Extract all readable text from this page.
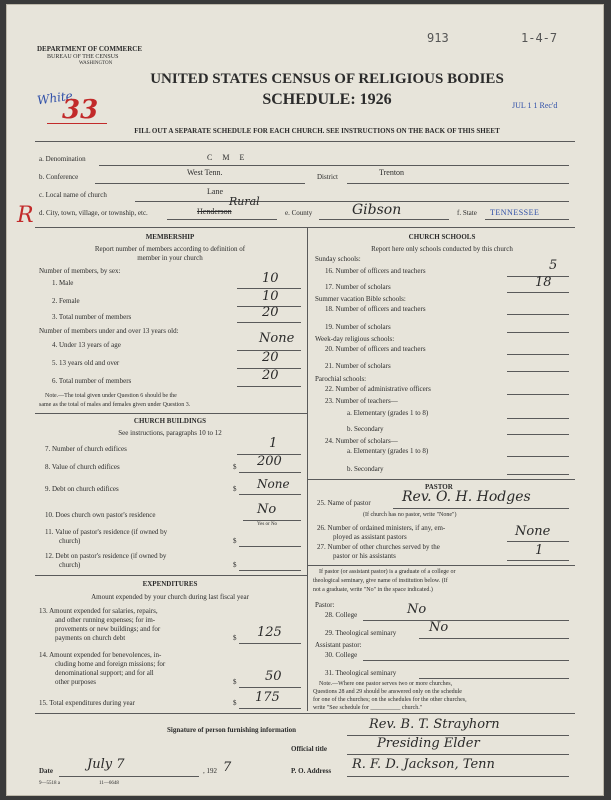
DEPARTMENT OF COMMERCE
BUREAU OF THE CENSUS
WASHINGTON
913	1-4-7
UNITED STATES CENSUS OF RELIGIOUS BODIES
SCHEDULE: 1926
White
33	JUL 1 1 Rec'd
FILL OUT A SEPARATE SCHEDULE FOR EACH CHURCH. SEE INSTRUCTIONS ON THE BACK OF THIS SHEET
a. Denomination	C M E
b. Conference	West Tenn.	District	Trenton
c. Local name of church	Lane
R d. City, town, village, or township, etc.	Henderson
Rural
e. County	Gibson	f. State TENNESSEE
MEMBERSHIP
Report number of members according to definition of
member in your church
Number of members, by sex:
1. Male	10
2. Female	10
3. Total number of members	20
Number of members under and over 13 years old:
4. Under 13 years of age	None
5. 13 years old and over	20
6. Total number of members	20
Note.—The total given under Question 6 should be the
same as the total of males and females given under Question 3.
CHURCH BUILDINGS
See instructions, paragraphs 10 to 12
7. Number of church edifices	1
8. Value of church edifices	$ 200
9. Debt on church edifices	$ None
10. Does church own pastor's residence	No
Yes or No
11. Value of pastor's residence (if owned by
church)	$
12. Debt on pastor's residence (if owned by
church)	$
EXPENDITURES
Amount expended by your church during last fiscal year
13. Amount expended for salaries, repairs,
and other running expenses; for im-
provements or new buildings; and for
payments on church debt	$ 125
14. Amount expended for benevolences, in-
cluding home and foreign missions; for
denominational support; and for all
other purposes	$ 50
15. Total expenditures during year	$ 175
CHURCH SCHOOLS
Report here only schools conducted by this church
Sunday schools:
16. Number of officers and teachers	5
17. Number of scholars	18
Summer vacation Bible schools:
18. Number of officers and teachers
19. Number of scholars
Week-day religious schools:
20. Number of officers and teachers
21. Number of scholars
Parochial schools:
22. Number of administrative officers
23. Number of teachers—
a. Elementary (grades 1 to 8)
b. Secondary
24. Number of scholars—
a. Elementary (grades 1 to 8)
b. Secondary
PASTOR
25. Name of pastor Rev. O. H. Hodges
(If church has no pastor, write "None")
26. Number of ordained ministers, if any, em-
ployed as assistant pastors	None
27. Number of other churches served by the
pastor or his assistants	1
If pastor (or assistant pastor) is a graduate of a college or
theological seminary, give name of institution below. (If
not a graduate, write "No" in the space indicated.)
Pastor:
28. College	No
29. Theological seminary	No
Assistant pastor:
30. College
31. Theological seminary
Note.—Where one pastor serves two or more churches,
Questions 28 and 29 should be answered only on the schedule
for one of the churches; on the schedules for the other churches,
write "See schedule for __________ church."
Signature of person furnishing information	Rev. B. T. Strayhorn
Official title	Presiding Elder
Date	July 7	, 192 7	P. O. Address R. F. D. Jackson, Tenn
9—5518 a	11—6648
